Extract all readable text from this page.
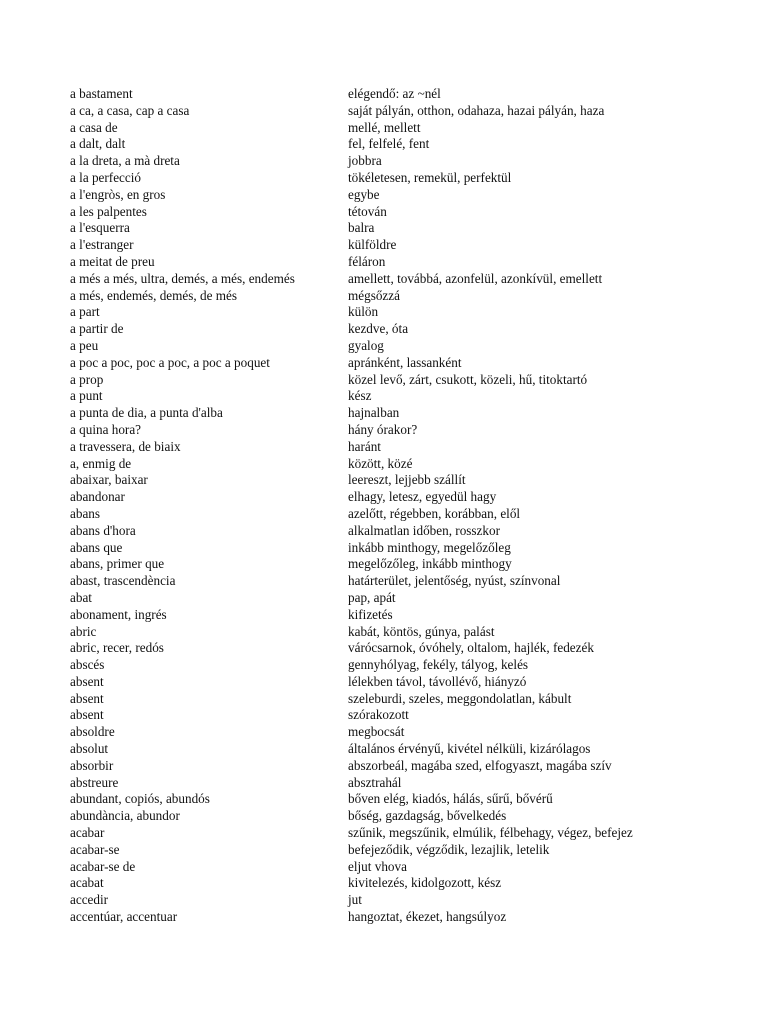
a bastament	elégendő: az ~nél
a ca, a casa, cap a casa	saját pályán, otthon, odahaza, hazai pályán, haza
a casa de	mellé, mellett
a dalt, dalt	fel, felfelé, fent
a la dreta, a mà dreta	jobbra
a la perfecció	tökéletesen, remekül, perfektül
a l'engròs, en gros	egybe
a les palpentes	tétován
a l'esquerra	balra
a l'estranger	külföldre
a meitat de preu	féláron
a més a més, ultra, demés, a més, endemés	amellett, továbbá, azonfelül, azonkívül, emellett
a més, endemés, demés, de més	mégsőzzá
a part	külön
a partir de	kezdve, óta
a peu	gyalog
a poc a poc, poc a poc, a poc a poquet	apránként, lassanként
a prop	közel levő, zárt, csukott, közeli, hű, titoktartó
a punt	kész
a punta de dia, a punta d'alba	hajnalban
a quina hora?	hány órakor?
a travessera, de biaix	haránt
a, enmig de	között, közé
abaixar, baixar	leereszt, lejjebb szállít
abandonar	elhagy, letesz, egyedül hagy
abans	azelőtt, régebben, korábban, elől
abans d'hora	alkalmatlan időben, rosszkor
abans que	inkább minthogy, megelőzőleg
abans, primer que	megelőzőleg, inkább minthogy
abast, trascendència	határterület, jelentőség, nyúst, színvonal
abat	pap, apát
abonament, ingrés	kifizetés
abric	kabát, köntös, gúnya, palást
abric, recer, redós	várócsarnok, óvóhely, oltalom, hajlék, fedezék
abscés	gennyhólyag, fekély, tályog, kelés
absent	lélekben távol, távollévő, hiányzó
absent	szeleburdi, szeles, meggondolatlan, kábult
absent	szórakozott
absoldre	megbocsát
absolut	általános érvényű, kivétel nélküli, kizárólagos
absorbir	abszorbeál, magába szed, elfogyaszt, magába szív
abstreure	absztrahál
abundant, copiós, abundós	bőven elég, kiadós, hálás, sűrű, bővérű
abundància, abundor	bőség, gazdagság, bővelkedés
acabar	szűnik, megszűnik, elmúlik, félbehagy, végez, befejez
acabar-se	befejeződik, végződik, lezajlik, letelik
acabar-se de	eljut vhova
acabat	kivitelezés, kidolgozott, kész
accedir	jut
accentúar, accentuar	hangoztat, ékezet, hangsúlyoz
